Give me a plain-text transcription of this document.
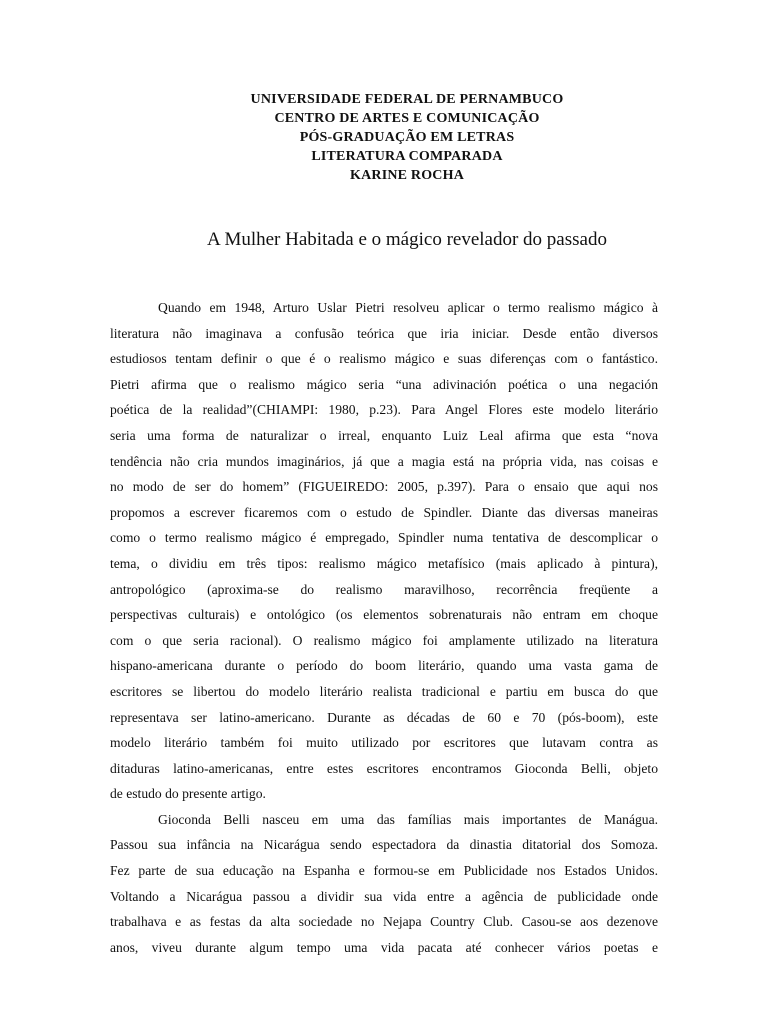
UNIVERSIDADE FEDERAL DE PERNAMBUCO
CENTRO DE ARTES E COMUNICAÇÃO
PÓS-GRADUAÇÃO EM LETRAS
LITERATURA COMPARADA
KARINE ROCHA
A Mulher Habitada e o mágico revelador do passado
Quando em 1948, Arturo Uslar Pietri resolveu aplicar o termo realismo mágico à
literatura não imaginava a confusão teórica que iria iniciar. Desde então diversos
estudiosos tentam definir o que é o realismo mágico e suas diferenças com o fantástico.
Pietri afirma que o realismo mágico seria “una adivinación poética o una negación
poética de la realidad”(CHIAMPI: 1980, p.23). Para Angel Flores este modelo literário
seria uma forma de naturalizar o irreal, enquanto Luiz Leal afirma que esta “nova
tendência não cria mundos imaginários, já que a magia está na própria vida, nas coisas e
no modo de ser do homem” (FIGUEIREDO: 2005, p.397). Para o ensaio que aqui nos
propomos a escrever ficaremos com o estudo de Spindler. Diante das diversas maneiras
como o termo realismo mágico é empregado, Spindler numa tentativa de descomplicar o
tema, o dividiu em três tipos: realismo mágico metafísico (mais aplicado à pintura),
antropológico (aproxima-se do realismo maravilhoso, recorrência freqüente a
perspectivas culturais) e ontológico (os elementos sobrenaturais não entram em choque
com o que seria racional). O realismo mágico foi amplamente utilizado na literatura
hispano-americana durante o período do boom literário, quando uma vasta gama de
escritores se libertou do modelo literário realista tradicional e partiu em busca do que
representava ser latino-americano. Durante as décadas de 60 e 70 (pós-boom), este
modelo literário também foi muito utilizado por escritores que lutavam contra as
ditaduras latino-americanas, entre estes escritores encontramos Gioconda Belli, objeto
de estudo do presente artigo.
Gioconda Belli nasceu em uma das famílias mais importantes de Manágua.
Passou sua infância na Nicarágua sendo espectadora da dinastia ditatorial dos Somoza.
Fez parte de sua educação na Espanha e formou-se em Publicidade nos Estados Unidos.
Voltando a Nicarágua passou a dividir sua vida entre a agência de publicidade onde
trabalhava e as festas da alta sociedade no Nejapa Country Club. Casou-se aos dezenove
anos, viveu durante algum tempo uma vida pacata até conhecer vários poetas e
